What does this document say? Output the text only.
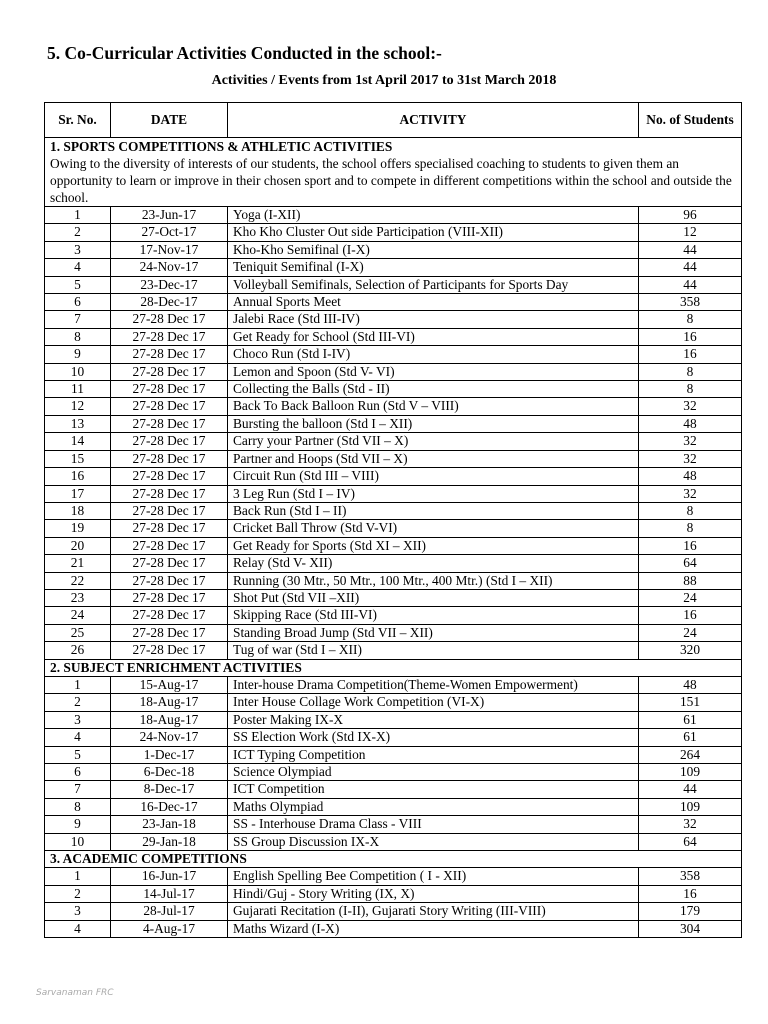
5. Co-Curricular Activities Conducted in the school:-
Activities / Events from 1st April 2017 to 31st March 2018
Sr. No.	DATE	ACTIVITY	No. of Students

1. SPORTS COMPETITIONS & ATHLETIC ACTIVITIES
Owing to the diversity of interests of our students, the school offers specialised coaching to students to given them an opportunity to learn or improve in their chosen sport and to compete in different competitions within the school and outside the school.			

1	23-Jun-17	Yoga (I-XII)	96
2	27-Oct-17	Kho Kho Cluster Out side Participation (VIII-XII)	12
3	17-Nov-17	Kho-Kho Semifinal (I-X)	44
4	24-Nov-17	Teniquit Semifinal (I-X)	44
5	23-Dec-17	Volleyball Semifinals, Selection of Participants for Sports Day	44
6	28-Dec-17	Annual Sports Meet	358
7	27-28 Dec 17	Jalebi Race (Std III-IV)	8
8	27-28 Dec 17	Get Ready for School (Std III-VI)	16
9	27-28 Dec 17	Choco Run (Std I-IV)	16
10	27-28 Dec 17	Lemon and Spoon (Std V- VI)	8
11	27-28 Dec 17	Collecting the Balls (Std - II)	8
12	27-28 Dec 17	Back To Back Balloon Run (Std V – VIII)	32
13	27-28 Dec 17	Bursting the balloon (Std I – XII)	48
14	27-28 Dec 17	Carry your Partner (Std VII – X)	32
15	27-28 Dec 17	Partner and Hoops (Std VII – X)	32
16	27-28 Dec 17	Circuit Run (Std III – VIII)	48
17	27-28 Dec 17	3 Leg Run (Std I – IV)	32
18	27-28 Dec 17	Back Run (Std I – II)	8
19	27-28 Dec 17	Cricket Ball Throw (Std V-VI)	8
20	27-28 Dec 17	Get Ready for Sports (Std XI – XII)	16
21	27-28 Dec 17	Relay (Std V- XII)	64
22	27-28 Dec 17	Running (30 Mtr., 50 Mtr., 100 Mtr., 400 Mtr.) (Std I – XII)	88
23	27-28 Dec 17	Shot Put (Std VII –XII)	24
24	27-28 Dec 17	Skipping Race (Std III-VI)	16
25	27-28 Dec 17	Standing Broad Jump (Std VII – XII)	24
26	27-28 Dec 17	Tug of war (Std I – XII)	320

2. SUBJECT ENRICHMENT ACTIVITIES			

1	15-Aug-17	Inter-house Drama Competition(Theme-Women Empowerment)	48
2	18-Aug-17	Inter House Collage Work Competition (VI-X)	151
3	18-Aug-17	Poster Making IX-X	61
4	24-Nov-17	SS Election Work (Std IX-X)	61
5	1-Dec-17	ICT Typing Competition	264
6	6-Dec-18	Science Olympiad	109
7	8-Dec-17	ICT Competition	44
8	16-Dec-17	Maths Olympiad	109
9	23-Jan-18	SS - Interhouse Drama Class - VIII	32
10	29-Jan-18	SS Group Discussion IX-X	64

3. ACADEMIC COMPETITIONS			

1	16-Jun-17	English Spelling Bee Competition ( I - XII)	358
2	14-Jul-17	Hindi/Guj - Story Writing (IX, X)	16
3	28-Jul-17	Gujarati Recitation (I-II), Gujarati Story Writing (III-VIII)	179
4	4-Aug-17	Maths Wizard (I-X)	304
Sarvanaman FRC
